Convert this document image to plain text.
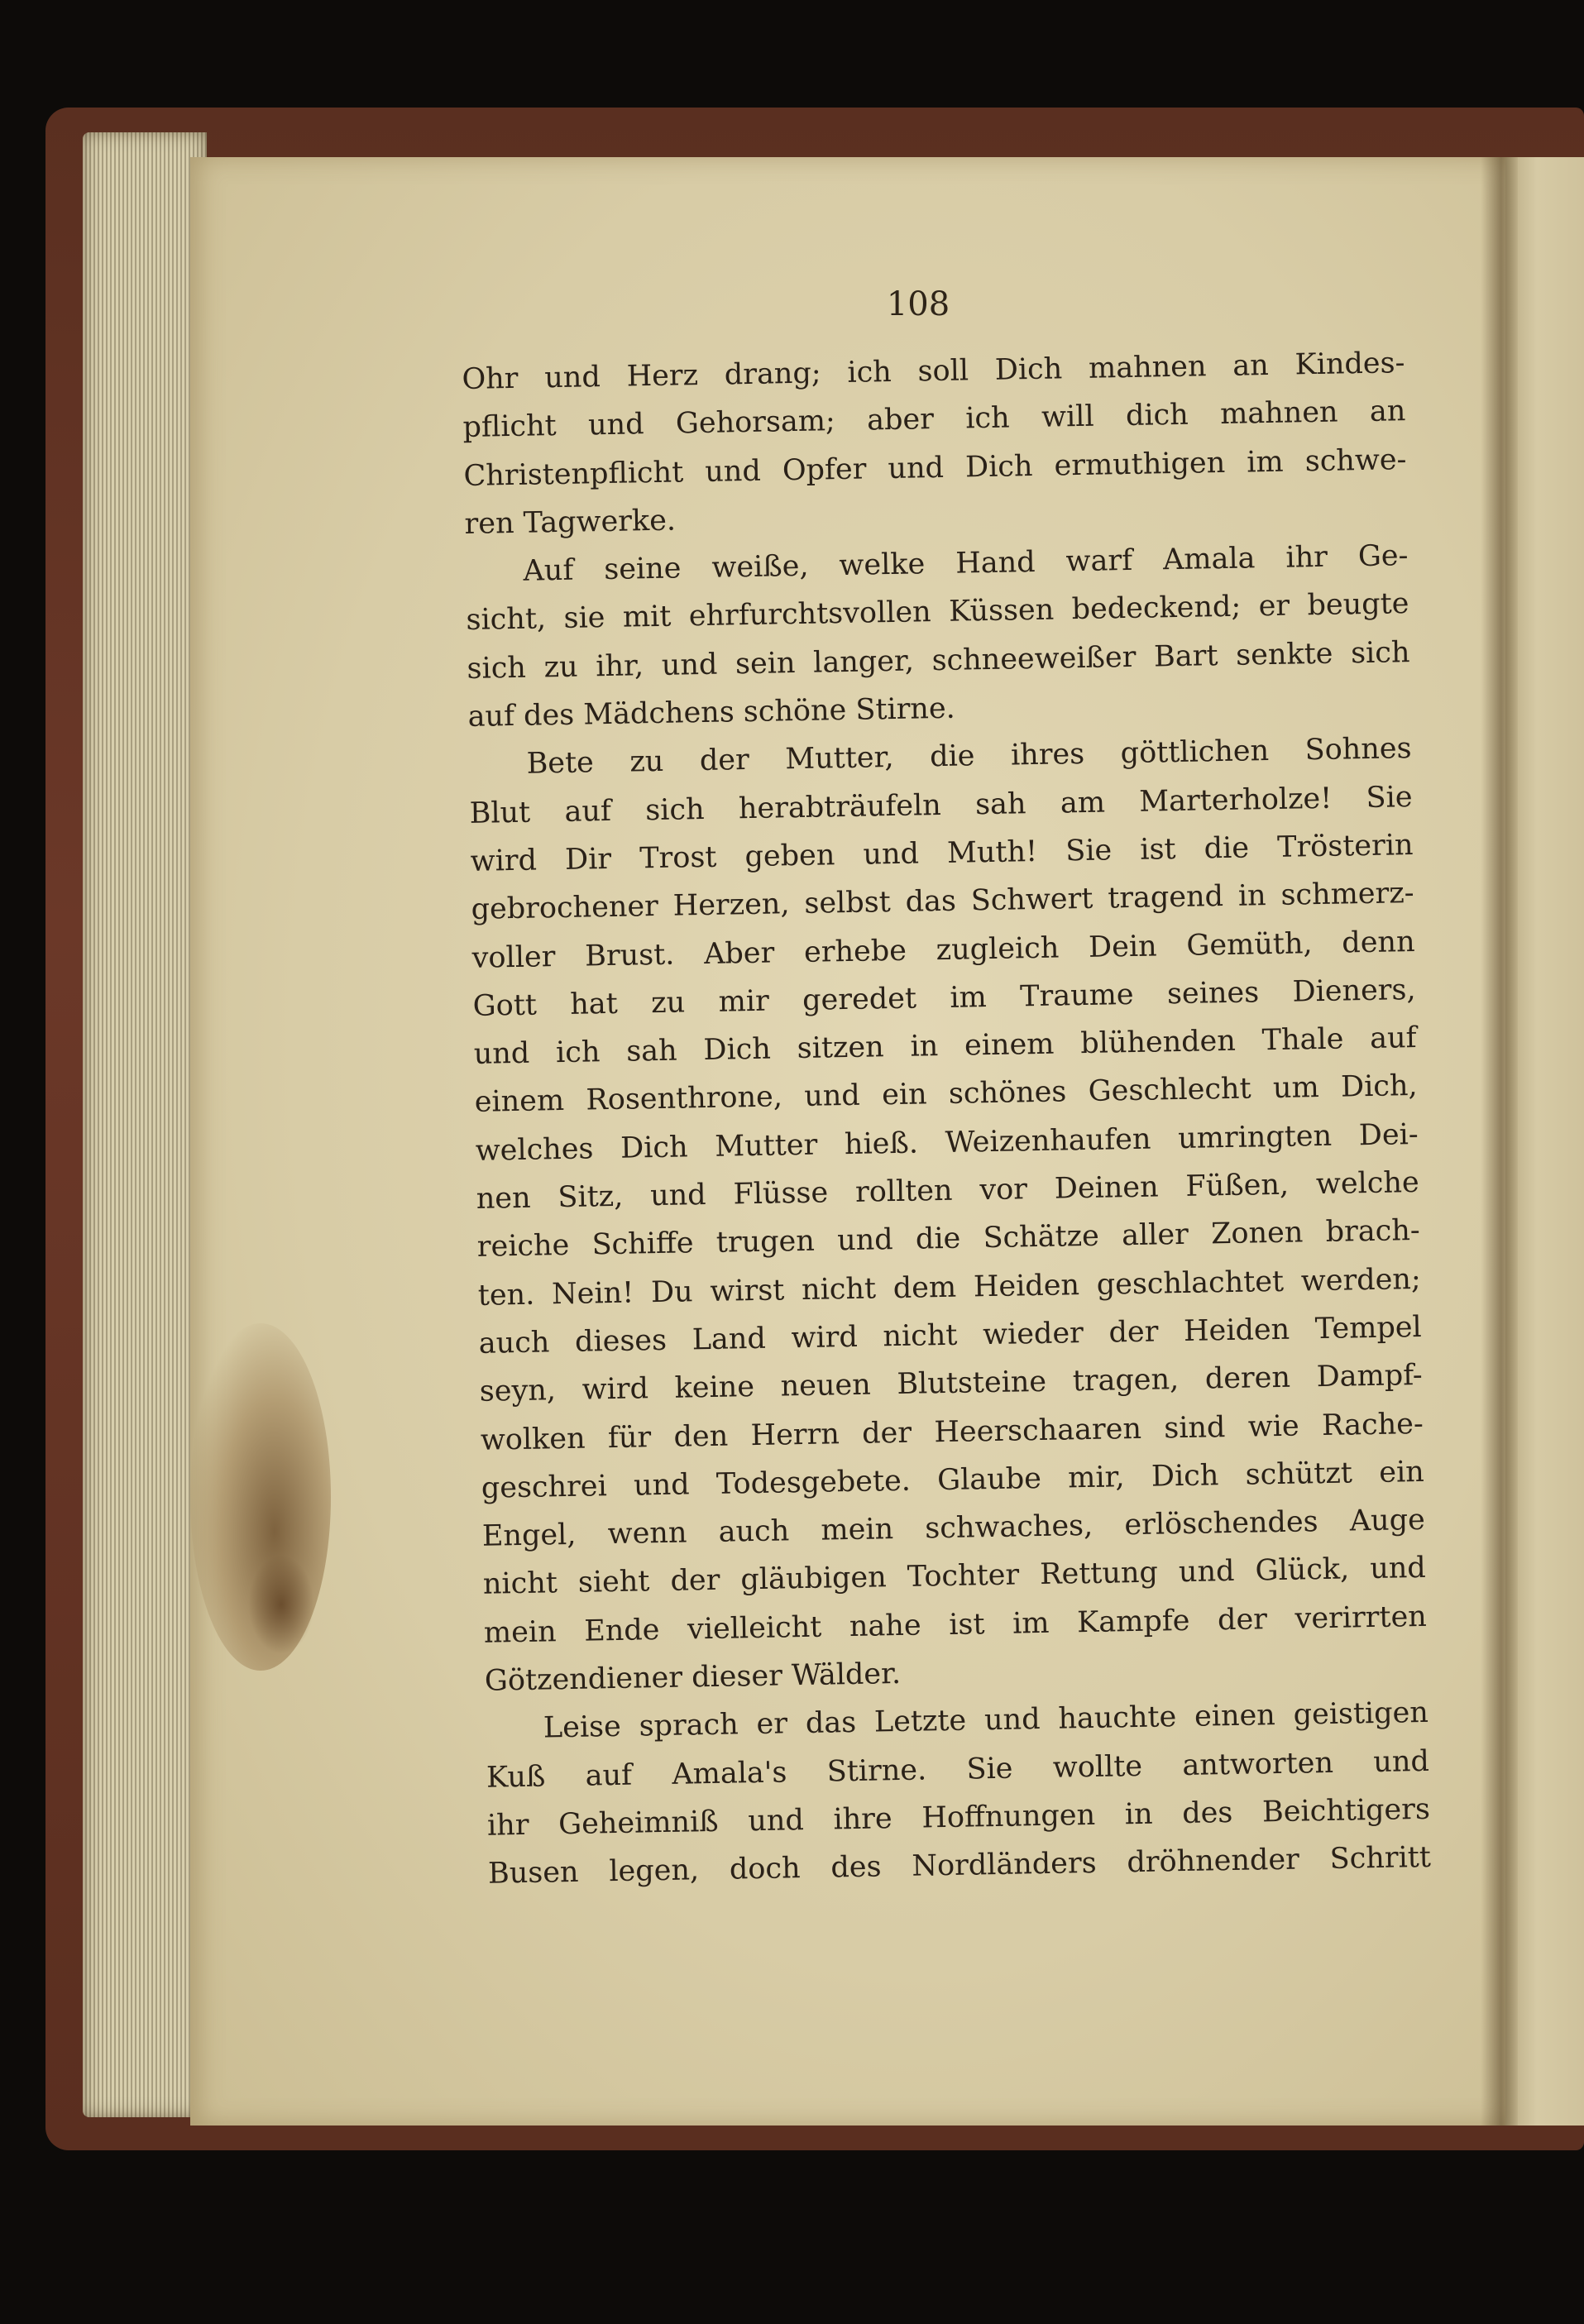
108
Ohr und Herz drang; ich soll Dich mahnen an Kindes-
pflicht und Gehorsam; aber ich will dich mahnen an
Christenpflicht und Opfer und Dich ermuthigen im schwe-
ren Tagwerke.
Auf seine weiße, welke Hand warf Amala ihr Ge-
sicht, sie mit ehrfurchtsvollen Küssen bedeckend; er beugte
sich zu ihr, und sein langer, schneeweißer Bart senkte sich
auf des Mädchens schöne Stirne.
Bete zu der Mutter, die ihres göttlichen Sohnes
Blut auf sich herabträufeln sah am Marterholze! Sie
wird Dir Trost geben und Muth! Sie ist die Trösterin
gebrochener Herzen, selbst das Schwert tragend in schmerz-
voller Brust. Aber erhebe zugleich Dein Gemüth, denn
Gott hat zu mir geredet im Traume seines Dieners,
und ich sah Dich sitzen in einem blühenden Thale auf
einem Rosenthrone, und ein schönes Geschlecht um Dich,
welches Dich Mutter hieß. Weizenhaufen umringten Dei-
nen Sitz, und Flüsse rollten vor Deinen Füßen, welche
reiche Schiffe trugen und die Schätze aller Zonen brach-
ten. Nein! Du wirst nicht dem Heiden geschlachtet werden;
auch dieses Land wird nicht wieder der Heiden Tempel
seyn, wird keine neuen Blutsteine tragen, deren Dampf-
wolken für den Herrn der Heerschaaren sind wie Rache-
geschrei und Todesgebete. Glaube mir, Dich schützt ein
Engel, wenn auch mein schwaches, erlöschendes Auge
nicht sieht der gläubigen Tochter Rettung und Glück, und
mein Ende vielleicht nahe ist im Kampfe der verirrten
Götzendiener dieser Wälder.
Leise sprach er das Letzte und hauchte einen geistigen
Kuß auf Amala's Stirne. Sie wollte antworten und
ihr Geheimniß und ihre Hoffnungen in des Beichtigers
Busen legen, doch des Nordländers dröhnender Schritt
